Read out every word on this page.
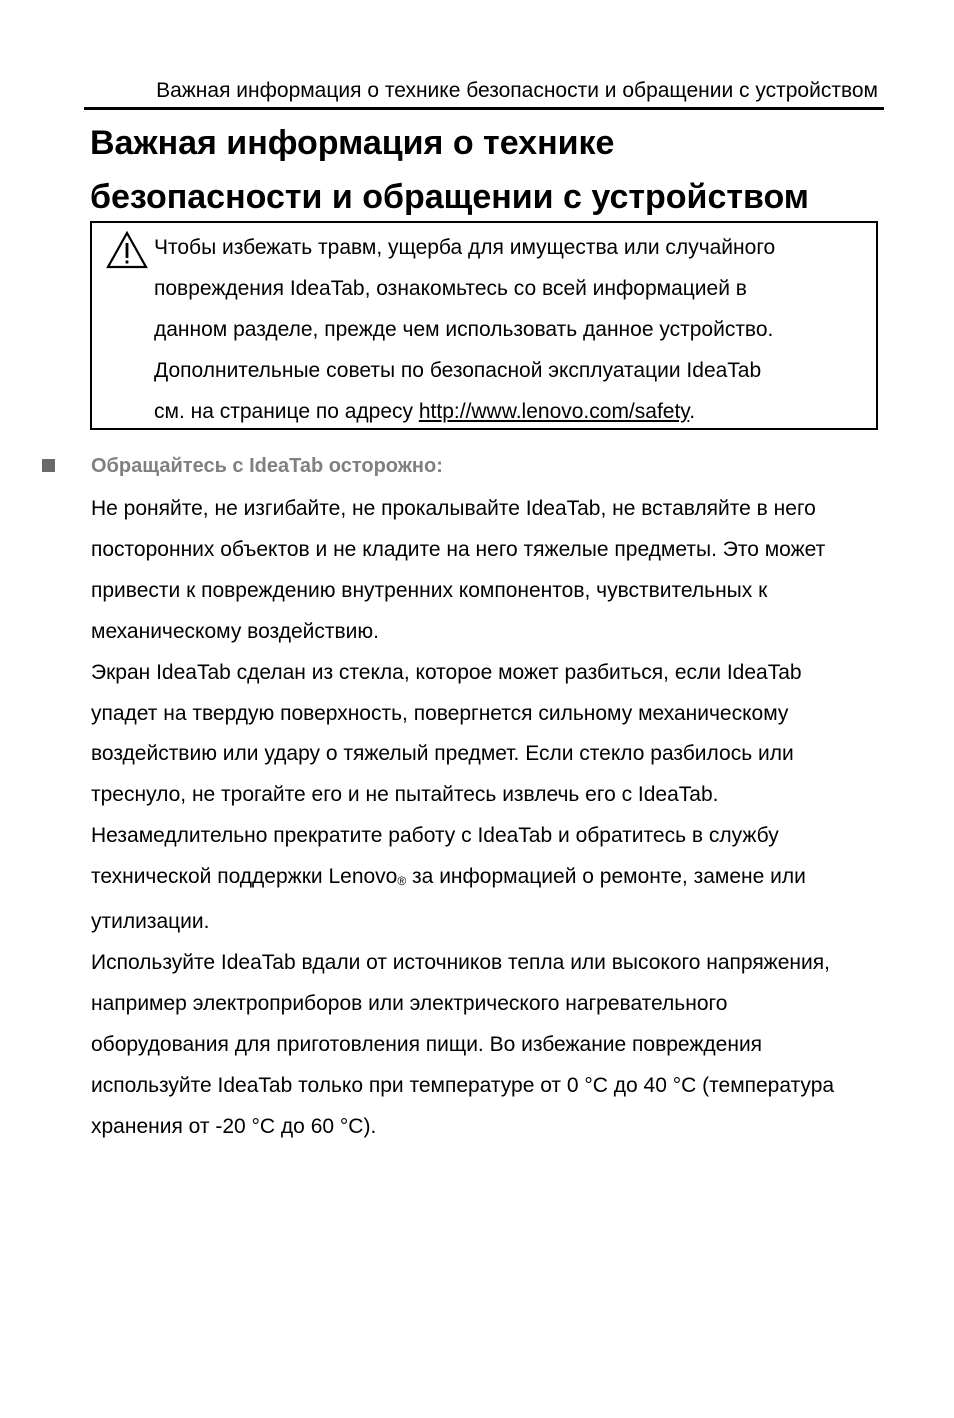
Важная информация о технике безопасности и обращении с устройством
Важная информация о технике
безопасности и обращении с устройством
Чтобы избежать травм, ущерба для имущества или случайного
повреждения IdeaTab, ознакомьтесь со всей информацией в
данном разделе, прежде чем использовать данное устройство.
Дополнительные советы по безопасной эксплуатации IdeaTab
см. на странице по адресу http://www.lenovo.com/safety.
Обращайтесь с IdeaTab осторожно:
Не роняйте, не изгибайте, не прокалывайте IdeaTab, не вставляйте в него
посторонних объектов и не кладите на него тяжелые предметы. Это может
привести к повреждению внутренних компонентов, чувствительных к
механическому воздействию.
Экран IdeaTab сделан из стекла, которое может разбиться, если IdeaTab
упадет на твердую поверхность, повергнется сильному механическому
воздействию или удару о тяжелый предмет. Если стекло разбилось или
треснуло, не трогайте его и не пытайтесь извлечь его с IdeaTab.
Незамедлительно прекратите работу с IdeaTab и обратитесь в службу
технической поддержки Lenovo® за информацией о ремонте, замене или
утилизации.
Используйте IdeaTab вдали от источников тепла или высокого напряжения,
например электроприборов или электрического нагревательного
оборудования для приготовления пищи. Во избежание повреждения
используйте IdeaTab только при температуре от 0 °C до 40 °C (температура
хранения от -20 °C до 60 °C).
